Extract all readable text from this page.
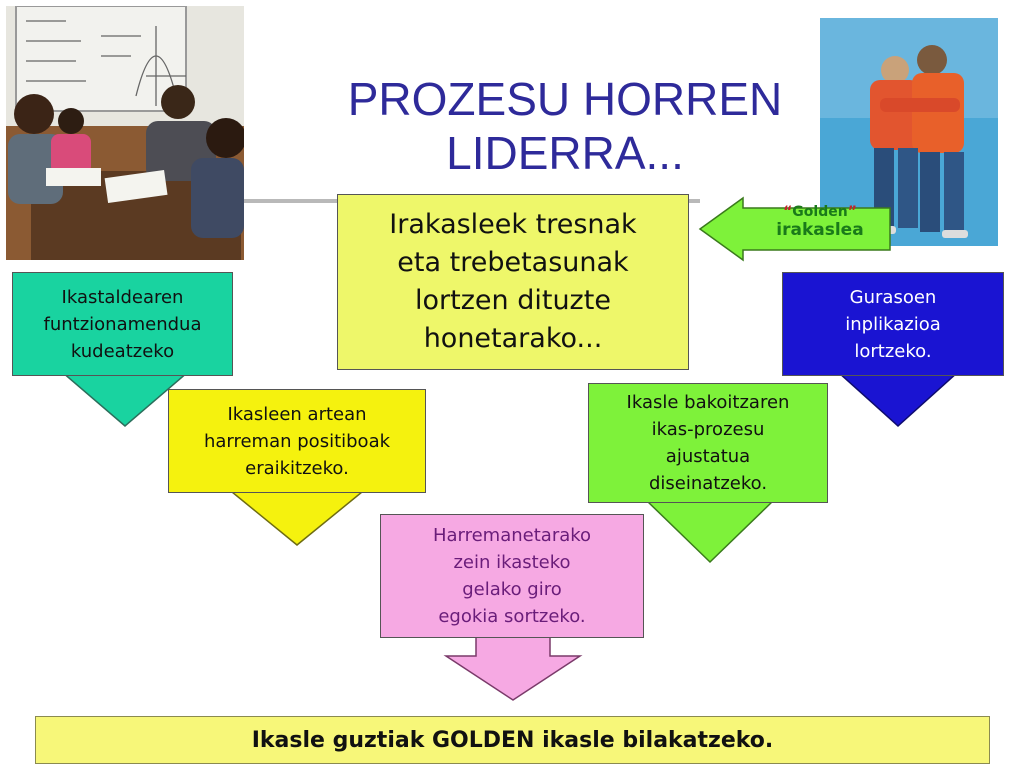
PROZESU HORREN
LIDERRA...
Irakasleek tresnak
eta trebetasunak
lortzen dituzte
honetarako...
“Golden”
irakaslea
Ikastaldearen
funtzionamendua
kudeatzeko
Gurasoen
inplikazioa
lortzeko.
Ikasleen artean
harreman positiboak
eraikitzeko.
Ikasle bakoitzaren
ikas-prozesu
ajustatua
diseinatzeko.
Harremanetarako
zein ikasteko
gelako giro
egokia sortzeko.
Ikasle guztiak GOLDEN ikasle bilakatzeko.
